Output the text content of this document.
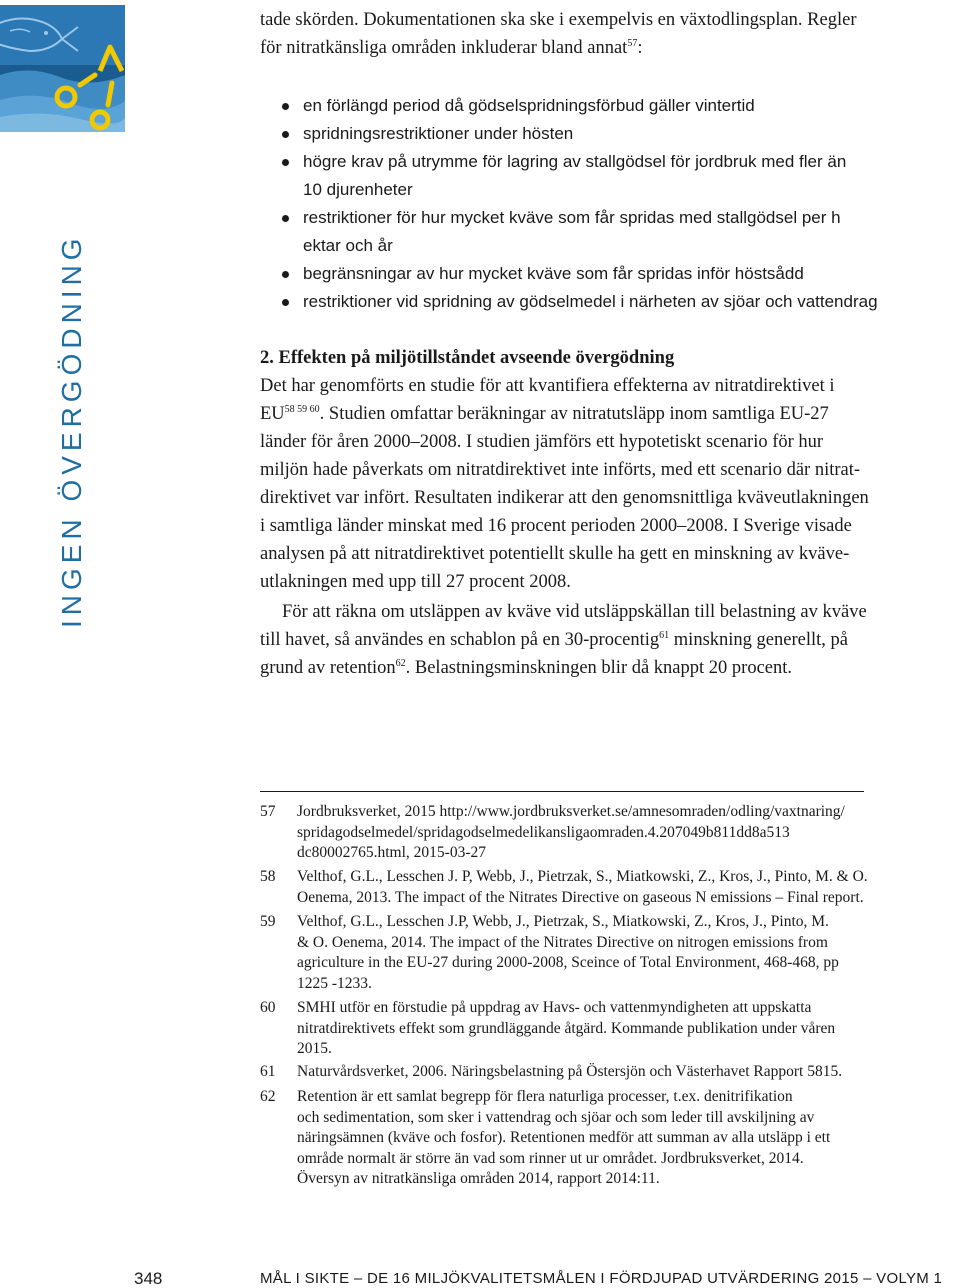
INGEN ÖVERGÖDNING
tade skörden. Dokumentationen ska ske i exempelvis en växtodlingsplan. Regler
för nitratkänsliga områden inkluderar bland annat$^{57}$:
en förlängd period då gödselspridningsförbud gäller vintertid
spridningsrestriktioner under hösten
högre krav på utrymme för lagring av stallgödsel för jordbruk med fler än
10 djurenheter
restriktioner för hur mycket kväve som får spridas med stallgödsel per h
ektar och år
begränsningar av hur mycket kväve som får spridas inför höstsådd
restriktioner vid spridning av gödselmedel i närheten av sjöar och vattendrag
2. Effekten på miljötillståndet avseende övergödning
Det har genomförts en studie för att kvantifiera effekterna av nitratdirektivet i
$EU^{58 59 60}$. Studien omfattar beräkningar av nitratutsläpp inom samtliga EU-27
länder för åren 2000–2008. I studien jämförs ett hypotetiskt scenario för hur
miljön hade påverkats om nitratdirektivet inte införts, med ett scenario där nitrat-
direktivet var infört. Resultaten indikerar att den genomsnittliga kväveutlakningen
i samtliga länder minskat med 16 procent perioden 2000–2008. I Sverige visade
analysen på att nitratdirektivet potentiellt skulle ha gett en minskning av kväve-
utlakningen med upp till 27 procent 2008.
För att räkna om utsläppen av kväve vid utsläppskällan till belastning av kväve
till havet, så användes en schablon på en 30-procentig$^{61}$ minskning generellt, på
grund av retention$^{62}$. Belastningsminskningen blir då knappt 20 procent.
57	Jordbruksverket, 2015 http://www.jordbruksverket.se/amnesomraden/odling/vaxtnaring/
spridagodselmedel/spridagodselmedelikansligaomraden.4.207049b811dd8a513
dc80002765.html, 2015-03-27
58	Velthof, G.L., Lesschen J. P, Webb, J., Pietrzak, S., Miatkowski, Z., Kros, J., Pinto, M. & O.
Oenema, 2013. The impact of the Nitrates Directive on gaseous N emissions – Final report.
59	Velthof, G.L., Lesschen J.P, Webb, J., Pietrzak, S., Miatkowski, Z., Kros, J., Pinto, M.
& O. Oenema, 2014. The impact of the Nitrates Directive on nitrogen emissions from
agriculture in the EU-27 during 2000-2008, Sceince of Total Environment, 468-468, pp
1225 -1233.
60	SMHI utför en förstudie på uppdrag av Havs- och vattenmyndigheten att uppskatta
nitratdirektivets effekt som grundläggande åtgärd. Kommande publikation under våren
2015.
61	Naturvårdsverket, 2006. Näringsbelastning på Östersjön och Västerhavet Rapport 5815.
62	Retention är ett samlat begrepp för flera naturliga processer, t.ex. denitrifikation
och sedimentation, som sker i vattendrag och sjöar och som leder till avskiljning av
näringsämnen (kväve och fosfor). Retentionen medför att summan av alla utsläpp i ett
område normalt är större än vad som rinner ut ur området. Jordbruksverket, 2014.
Översyn av nitratkänsliga områden 2014, rapport 2014:11.
348	MÅL I SIKTE – DE 16 MILJÖKVALITETSMÅLEN I FÖRDJUPAD UTVÄRDERING 2015 – VOLYM 1
